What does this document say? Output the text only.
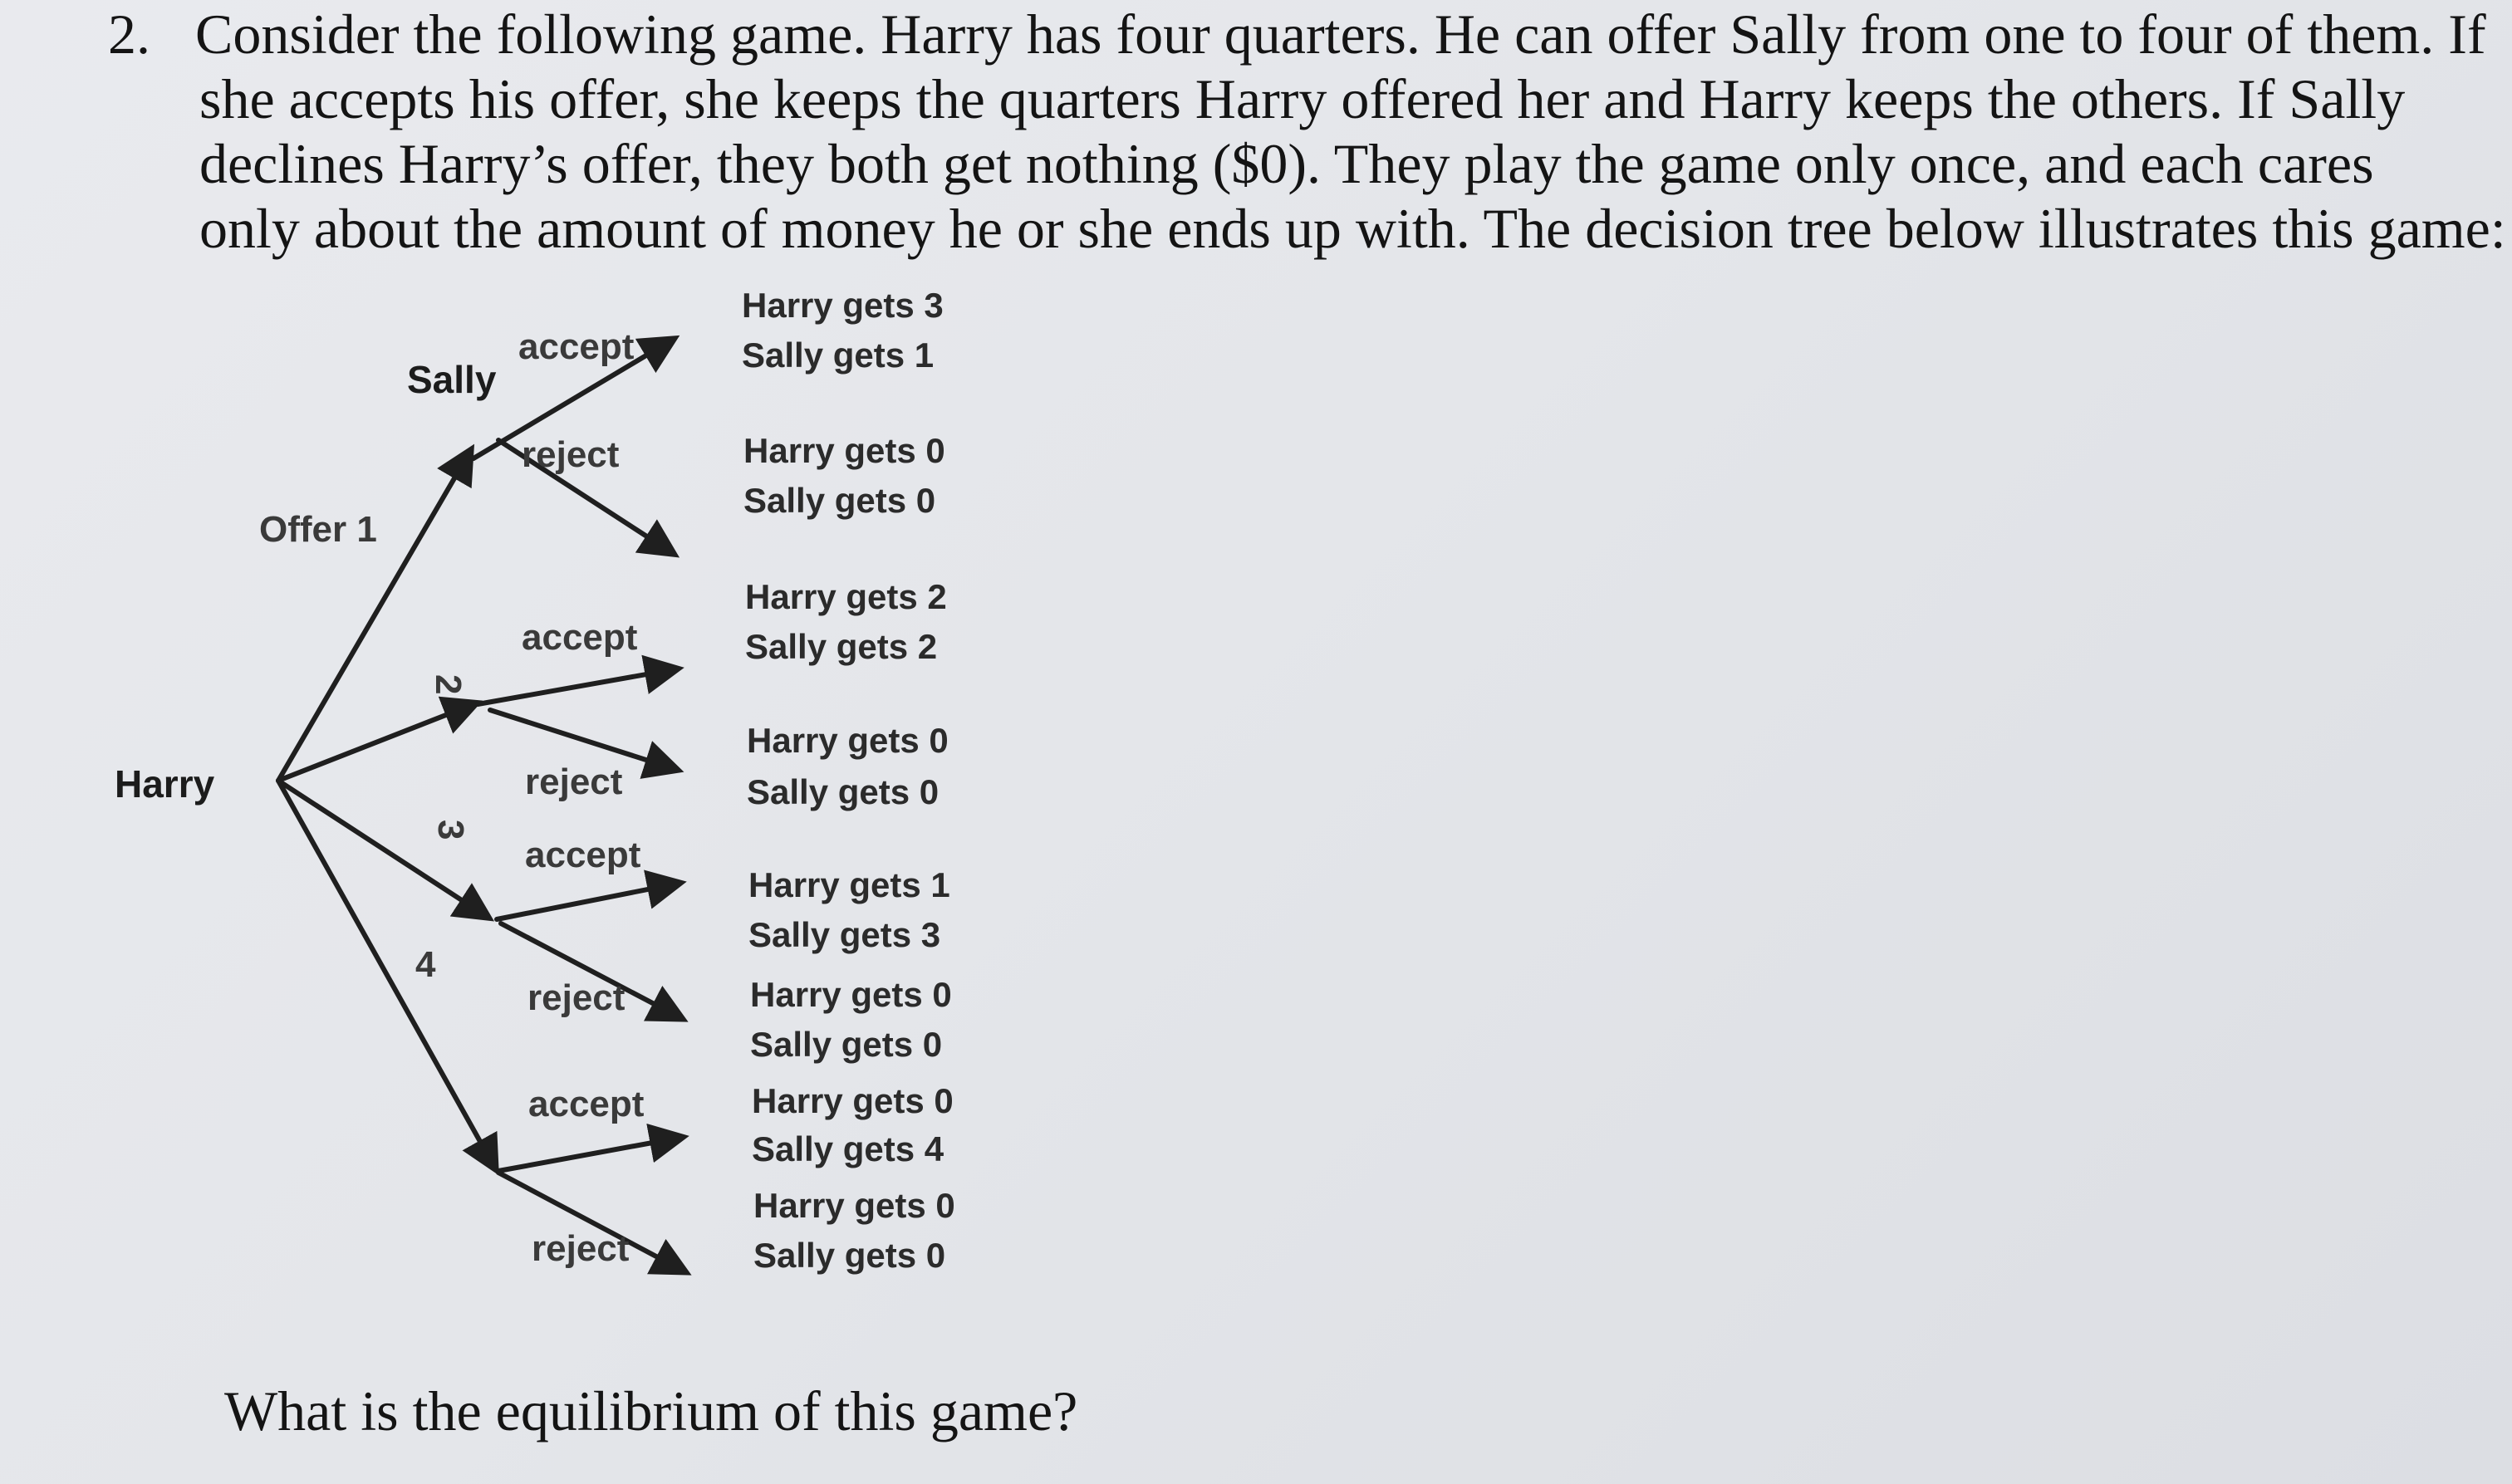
2. Consider the following game. Harry has four quarters. He can offer Sally from one to four of them. If
she accepts his offer, she keeps the quarters Harry offered her and Harry keeps the others. If Sally
declines Harry’s offer, they both get nothing ($0). They play the game only once, and each cares
only about the amount of money he or she ends up with. The decision tree below illustrates this game:
Harry
Sally
Offer 1
2
3
4
accept
reject
accept
reject
accept
reject
accept
reject
Harry gets 3
Sally gets 1
Harry gets 0
Sally gets 0
Harry gets 2
Sally gets 2
Harry gets 0
Sally gets 0
Harry gets 1
Sally gets 3
Harry gets 0
Sally gets 0
Harry gets 0
Sally gets 4
Harry gets 0
Sally gets 0
What is the equilibrium of this game?
